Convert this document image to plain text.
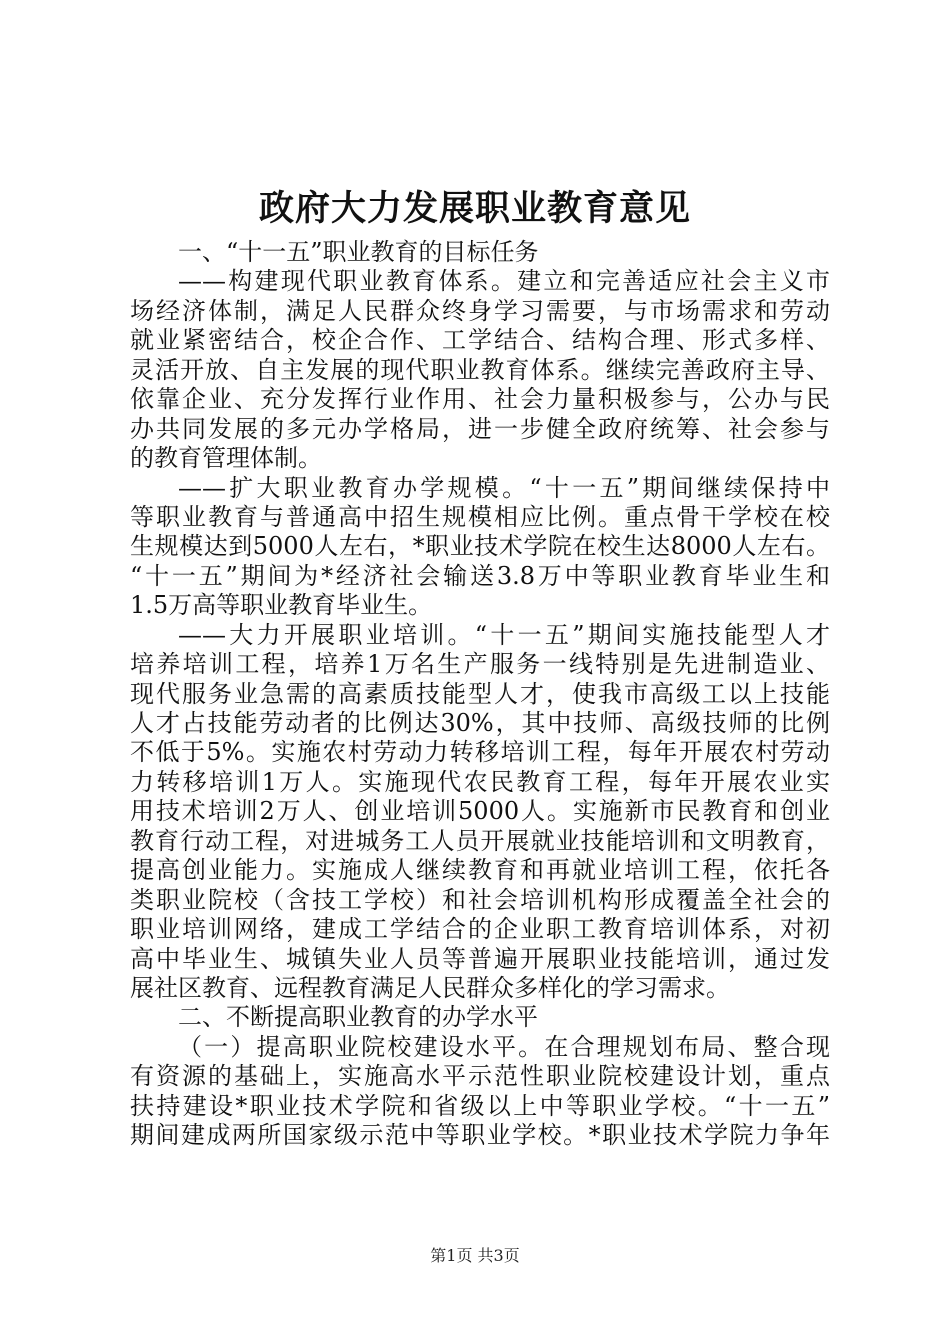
政府大力发展职业教育意见
一、“十一五”职业教育的目标任务
——构建现代职业教育体系。建立和完善适应社会主义市
场经济体制，满足人民群众终身学习需要，与市场需求和劳动
就业紧密结合，校企合作、工学结合、结构合理、形式多样、
灵活开放、自主发展的现代职业教育体系。继续完善政府主导、
依靠企业、充分发挥行业作用、社会力量积极参与，公办与民
办共同发展的多元办学格局，进一步健全政府统筹、社会参与
的教育管理体制。
——扩大职业教育办学规模。“十一五”期间继续保持中
等职业教育与普通高中招生规模相应比例。重点骨干学校在校
生规模达到5000人左右，*职业技术学院在校生达8000人左右。
“十一五”期间为*经济社会输送3.8万中等职业教育毕业生和
1.5万高等职业教育毕业生。
——大力开展职业培训。“十一五”期间实施技能型人才
培养培训工程，培养1万名生产服务一线特别是先进制造业、
现代服务业急需的高素质技能型人才，使我市高级工以上技能
人才占技能劳动者的比例达30%，其中技师、高级技师的比例
不低于5%。实施农村劳动力转移培训工程，每年开展农村劳动
力转移培训1万人。实施现代农民教育工程，每年开展农业实
用技术培训2万人、创业培训5000人。实施新市民教育和创业
教育行动工程，对进城务工人员开展就业技能培训和文明教育，
提高创业能力。实施成人继续教育和再就业培训工程，依托各
类职业院校（含技工学校）和社会培训机构形成覆盖全社会的
职业培训网络，建成工学结合的企业职工教育培训体系，对初
高中毕业生、城镇失业人员等普遍开展职业技能培训，通过发
展社区教育、远程教育满足人民群众多样化的学习需求。
二、不断提高职业教育的办学水平
（一）提高职业院校建设水平。在合理规划布局、整合现
有资源的基础上，实施高水平示范性职业院校建设计划，重点
扶持建设*职业技术学院和省级以上中等职业学校。“十一五”
期间建成两所国家级示范中等职业学校。*职业技术学院力争年
第1页 共3页
